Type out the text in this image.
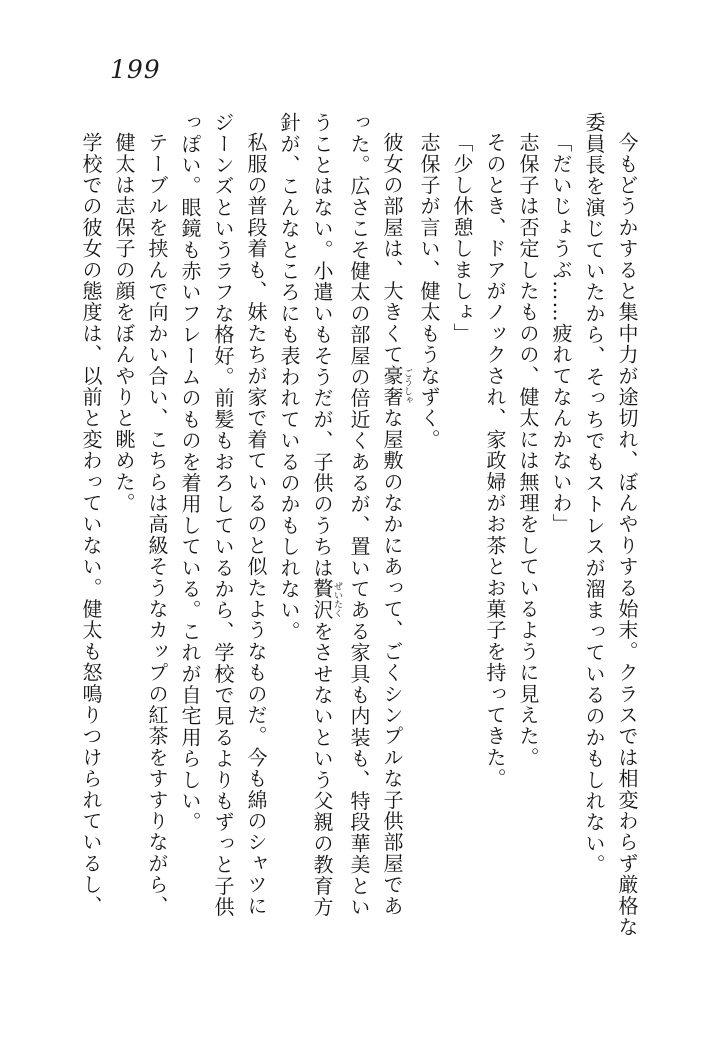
199
今もどうかすると集中力が途切れ、ぼんやりする始末。クラスでは相変わらず厳格な
委員長を演じていたから、そっちでもストレスが溜まっているのかもしれない。
「だいじょうぶ……疲れてなんかないわ」
志保子は否定したものの、健太には無理をしているように見えた。
そのとき、ドアがノックされ、家政婦がお茶とお菓子を持ってきた。
「少し休憩しましょ」
志保子が言い、健太もうなずく。
彼女の部屋は、大きくて豪奢ごうしゃな屋敷のなかにあって、ごくシンプルな子供部屋であ
った。広さこそ健太の部屋の倍近くあるが、置いてある家具も内装も、特段華美とい
うことはない。小遣いもそうだが、子供のうちは贅沢ぜいたくをさせないという父親の教育方
針が、こんなところにも表われているのかもしれない。
私服の普段着も、妹たちが家で着ているのと似たようなものだ。今も綿のシャツに
ジーンズというラフな格好。前髪もおろしているから、学校で見るよりもずっと子供
っぽい。眼鏡も赤いフレームのものを着用している。これが自宅用らしい。
テーブルを挟んで向かい合い、こちらは高級そうなカップの紅茶をすすりながら、
健太は志保子の顔をぼんやりと眺めた。
学校での彼女の態度は、以前と変わっていない。健太も怒鳴りつけられているし、
